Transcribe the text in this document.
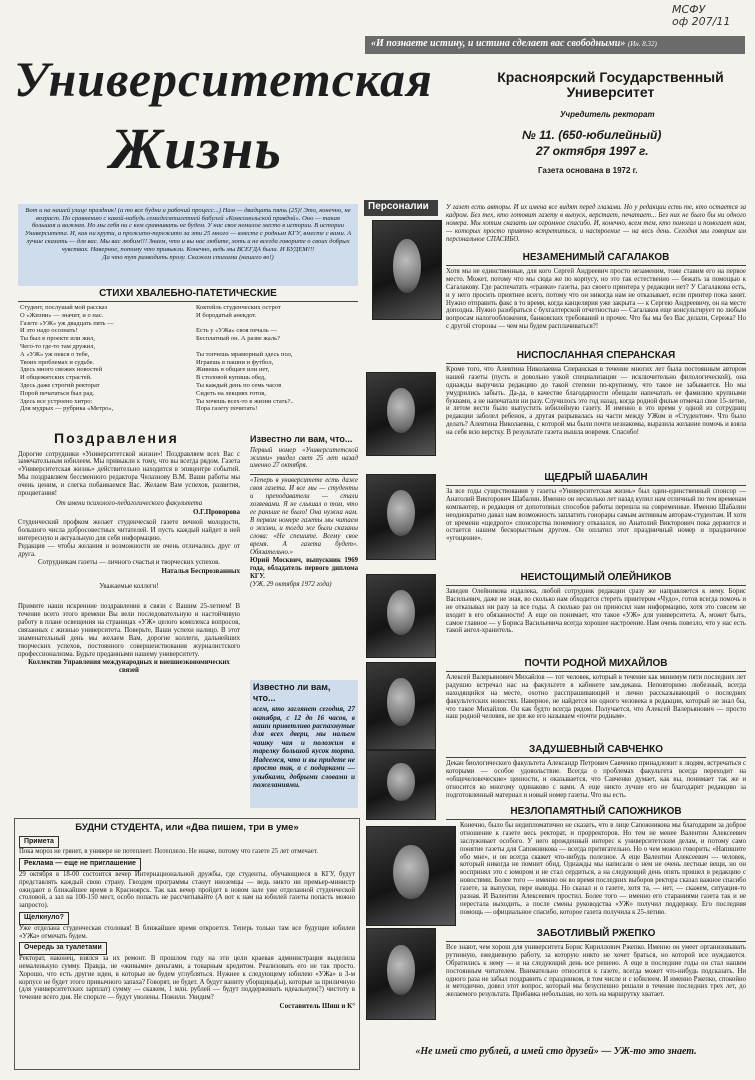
МСФУ
оф 207/11
«И познаете истину, и истина сделает вас свободными» (Ин. 8.32)
Университетская
Жизнь
Красноярский Государственный Университет
Учредитель ректорат
№ 11. (650-юбилейный)
27 октября 1997 г.
Газета основана в 1972 г.
Вот и на нашей улице праздник! (а то все будни и рабочий процесс...) Нам — двадцать пять (25)! Это, конечно, не возраст. По сравнению с какой-нибудь семидесятилетней бабулей «Комсомольской правдой». Оно — такая большая и важная. Но мы себя ни с кем сравнивать не будем. У нас свое немалое место в истории. В истории Университета. И, как ни крути, а прожито-пережито за эти 25 много — вместе с родным КГУ, вместе с вами. А лучше сказать — для вас. Мы вас любим!!! Знаем, что и вы нас любите, хоть и не всегда говорите о своих добрых чувствах. Наверное, потому что привыкли. Конечно, ведь мы ВСЕГДА были. И БУДЕМ!!!
Да что тут разводить прозу. Скажем стихами (нашего во!)
СТИХИ ХВАЛЕБНО-ПАТЕТИЧЕСКИЕ
Студент, послушай мой рассказ
О «Жизни» — значит, и о нас.
Газете «УЖ» уж двадцать пять —
И это надо осознать!
Ты был в проекте или жил,
Чего-то где-то там дружил,
А «УЖ» уж пекся о тебе,
Твоих проблемах и судьбе.
Здесь много свежих новостей
И общежитских страстей.
Здесь даже строгий ректорат
Порой печататься был рад.
Здесь все устроено хитро:
Для мудрых — рубрика «Метро»,
Коктейль студенческих острот
И бородатый анекдот.

Есть у «УЖа» своя печаль —
Бесплатный он. А разве жаль?

Ты топчешь мраморный здесь пол,
Играешь в пашни и футбол,
Живешь в общаге или нет,
В столовой купишь обед,
Ты каждый день по семь часов
Сидеть на лекциях готов,
Ты хочешь всех-то в жизни стать?..
Пора газету почитать!
Поздравления
Дорогие сотрудники «Университетской жизни»! Поздравляем всех Вас с замечательным юбилеем. Мы привыкли к тому, что вы всегда рядом. Газета «Университетская жизнь» действительно находится в эпицентре событий. Мы поздравляем бессменного редактора Челазнову В.М. Ваши работы мы очень ценим, и слегка побаиваемся Вас. Желаем Вам успехов, развития, процветания!
От имени психолого-педагогического факультета
О.Г.Проворова
Студенческий профком желает студенческой газете вечной молодости, большого числа добросовестных читателей. И пусть каждый найдет в ней интересную и актуальную для себя информацию.
Редакция — чтобы желания и возможности не очень отличались друг от друга.
Сотрудникам газеты — личного счастья и творческих успехов.
Наталья Беспрозванных
Уважаемые коллеги!
Примите наши искренние поздравления в связи с Вашим 25-летием! В течение всего этого времени Вы вели последовательную и настойчивую работу в плане освещения на страницах «УЖ» целого комплекса вопросов, связанных с жизнью университета. Поверьте, Ваши успехи налицо. В этот знаменательный день мы желаем Вам, дорогие коллеги, дальнейших творческих успехов, постоянного совершенствования журналистского профессионализма. Будьте преданными нашему университету.
Коллектив Управления международных и внешнеэкономических связей
Известно ли вам, что...
Первый номер «Университетской жизни» увидел свет 25 лет назад именно 27 октября.
«Теперь в университете есть даже своя газета. И все мы — студенты и преподаватели — стали хозяевами. Я не слышал о том, что ее раньше не было! Она нужна нам. В первом номере газеты мы читаем о жизни, и тогда же были сказаны слова: «Не спешите. Всему свое время. А газета будет». Обязательно.»
Юрий Москвич, выпускник 1969 года, обладатель первого диплома КГУ.
(УЖ, 29 октября 1972 года)
Известно ли вам, что...
всем, кто заглянет сегодня, 27 октября, с 12 до 16 часов, в наши приветливо распахнутые для всех двери, мы нальем чашку чая и положим в тарелку большой кусок торта. Надеемся, что и вы придете не просто так, а с подарками — улыбками, добрыми словами и пожеланиями.
БУДНИ СТУДЕНТА, или «Два пишем, три в уме»
Примета
Пока мороз не грянет, в универе не потеплеет. Потеплело. Не иначе, потому что газете 25 лет отмечает.
Реклама — еще не приглашение
29 октября в 18-00 состоится вечер Интернациональной дружбы, где студенты, обучающиеся в КГУ, будут представлять каждый свою страну. Гвоздем программы станут иноземцы — ведь никто ни премьер-министр ожидают в ближайшее время в Красноярск. Так как вечер пройдет в новом зале уже отделанной студенческой столовой, а зал на 100-150 мест, особо попасть не рассчитывайте (А вот к нам на юбилей газеты попасть можно запросто).
Щелкнуло?
Уже отделана студенческая столовая! В ближайшее время откроется. Теперь только там все будущие юбилеи «УЖа» отмечать будем.
Очередь за туалетами
Ректорат, наконец, взялся за их ремонт. В прошлом году на эти цели краевая администрация выделила немаленькую сумму. Правда, не «живыми» деньгами, а товарным кредитом. Реализовать его не так просто. Хорошо, что есть другие идеи, в которые не будем углубляться. Нужнее к следующему юбилею «УЖа» в 3-м корпусе не будет этого привычного запаха? Говорят, не будет. А будут ваниту уборщицы(ы), которые за приличную (для университетских зарплат) сумму — скажем, 1 млн. рублей — будут поддерживать идеальную(?) чистоту в течение всего дня. Не спорьте — будут уволены. Пожили. Увидим?
Составитель Шиш и К°
Персоналии	У газет есть авторы. И их имена все видят перед глазами. Но у редакции есть те, кто остается за кадром. Без тех, кто готовит газету в выпуск, верстает, печатает... Без них не было бы ни одного номера. Мы хотим сказать им огромное спасибо. И, конечно, всем тем, кто помогал и помогает нам, — которых просто приятно встретиться, и настроение — на весь день. Сегодня мы говорим им персональное СПАСИБО.
НЕЗАМЕНИМЫЙ САГАЛАКОВ
Хотя мы не единственные, для кого Сергей Андреевич просто незаменим, тоже ставим его на первое место. Может, потому что мы сюда же по корпусу, но это так естественно — бежать за помощью к Сагалакову. Где распечатать «гранки» газеты, раз своего принтера у редакции нет? У Сагалакова есть, и у него просить приятнее всего, потому что он никогда нам не отказывает, если принтер пока занят. Нужно отправить факс в то время, когда канцелярия уже закрыта — к Сергею Андреевичу, он на месте допоздна. Нужно разобраться с бухгалтерской отчетностью — Сагалаков еще консультирует по любым вопросам налогообложения, банковских требований и прочее. Что бы мы без Вас делали, Сережа? Но с другой стороны — чем мы будем расплачиваться?!
НИСПОСЛАННАЯ СПЕРАНСКАЯ
Кроме того, что Алевтина Николаевна Сперанская в течение многих лет была постоянным автором нашей газеты (пусть и довольно узкой специализации — исключительно филологической), она однажды выручила редакцию до такой степени по-крупному, что такое не забывается. Но мы умудрились забыть. Да-да, в качестве благодарности обещали напечатать ее фамилию крупными буквами, а не напечатали ни разу. Случилось это год назад, когда родной фильм отмечал свое 15-летие, и летом вести было выпустить юбилейную газету. И именно в это время у одной из сотрудниц редакции заболел ребенок, а другая разрывалась на части между УЖом и «Студентом». Что было делать? Алевтина Николаевна, с которой мы были почти незнакомы, выразила желание помочь и взяла на себя всю верстку. В результате газета вышла вовремя. Спасибо!
ЩЕДРЫЙ ШАБАЛИН
За все годы существования у газеты «Университетская жизнь» был один-единственный спонсор — Анатолий Викторович Шабалин. Именно он несколько лет назад купил нам отличный по тем временам компьютер, и редакция от допотопных способов работы перешла на современные. Именно Шабалин неоднократно давал нам возможность заплатить гонорары самым активным авторам-студентам. И хотя от времени «щедрого» спонсорства понемногу отказался, но Анатолий Викторович пока держится и остается нашим бескорыстным другом. Он оплатил этот праздничный номер и праздничное «угощение».
НЕИСТОЩИМЫЙ ОЛЕЙНИКОВ
Заведев Олейникова издалека, любой сотрудник редакции сразу же направляется к нему. Борис Васильевич, даже не зная, во сколько нам обходится стереть принтером «Чудо», готов всегда помочь и не отказывал ни разу за все годы. А сколько раз он приносил нам информацию, хотя это совсем не входит в его обязанности! А еще он понимает, что такое «УЖ» для университета. А, может быть, самое главное — у Бориса Васильевича всегда хорошее настроение. Нам очень повезло, что у нас есть такой ангел-хранитель.
ПОЧТИ РОДНОЙ МИХАЙЛОВ
Алексей Валерьянович Михайлов — тот человек, который в течение как минимум пяти последних лет радушно встречал нас на факультете в кабинете зам.декана. Неповторимо любезный, всегда находящийся на месте, охотно расспрашивающий и лично рассказывающий о последних факультетских новостях. Наверное, не найдется ни одного человека в редакции, который не знал бы, что такое Михайлов. Он как будто всегда рядом. Получается, что Алексей Валерьянович — просто наш родной человек, не зря же его называем «почти родным».
ЗАДУШЕВНЫЙ САВЧЕНКО
Декан биологического факультета Александр Петрович Савченко принадлежит к людям, встречаться с которыми — особое удовольствие. Всегда о проблемах факультета всегда переходит на «общечеловеческие» ценности, и оказывается, что Савченко думает, как вы, понимает так же и относится ко многому одинаково с вами. А еще никто лучше его не благодарит редакцию за подготовленный материал и новый номер газеты. Что вы есть.
НЕЗЛОПАМЯТНЫЙ САПОЖНИКОВ
Конечно, было бы недипломатично не сказать, что в лице Сапожникова мы благодарим за доброе отношение к газете весь ректорат, и прорректоров. Но тем не менее Валентин Алексеевич заслуживает особого. У него врожденный интерес к университетским делам, и потому само понятие газеты для Сапожникова — всегда притягательно. Но о чем можно говорить: «Напишите обо мне», и он всегда скажет что-нибудь полезное. А еще Валентин Алексеевич — человек, который никогда не помнит обид. Однажды мы написали о нем не очень лестные вещи, но он воспринял это с юмором и не стал сердиться, а на следующий день опять пришел в редакцию с новостями. Более того — именно он во время последних выборов ректора сказал важное спасибо газете, за выпуски, пере выводы. Но сказал и о газете, хотя та, — нет, — скажем, ситуация-то разная. И Валентин Алексеевич простил. Более того — именно его стараниями газета так и не перестала выходить, а после смены руководства «УЖ» получил поддержку. Его последняя помощь — официальное спасибо, которое газета получила к 25-летию.
ЗАБОТЛИВЫЙ РЖЕПКО
Все знают, чем хорош для университета Борис Кириллович Ржепко. Именно он умеет организовывать рутинную, ежедневную работу, за которую никто не хочет браться, но которой все нуждаются. Обратились к нему — и на следующий день все решено. А еще в последние годы он стал нашим постоянным читателем. Внимательно относится к газете, всегда может что-нибудь подсказать. Ни одного раза не забыл поздравить с праздником, в том числе и с юбилеем. И именно Ржепко, спокойно и методично, довел этот вопрос, который мы безуспешно решали в течение последних трех лет, до желаемого результата. Прибавка небольшая, но хоть на маршрутку хватает.
«Не имей сто рублей, а имей сто друзей» — УЖ-то это знает.
